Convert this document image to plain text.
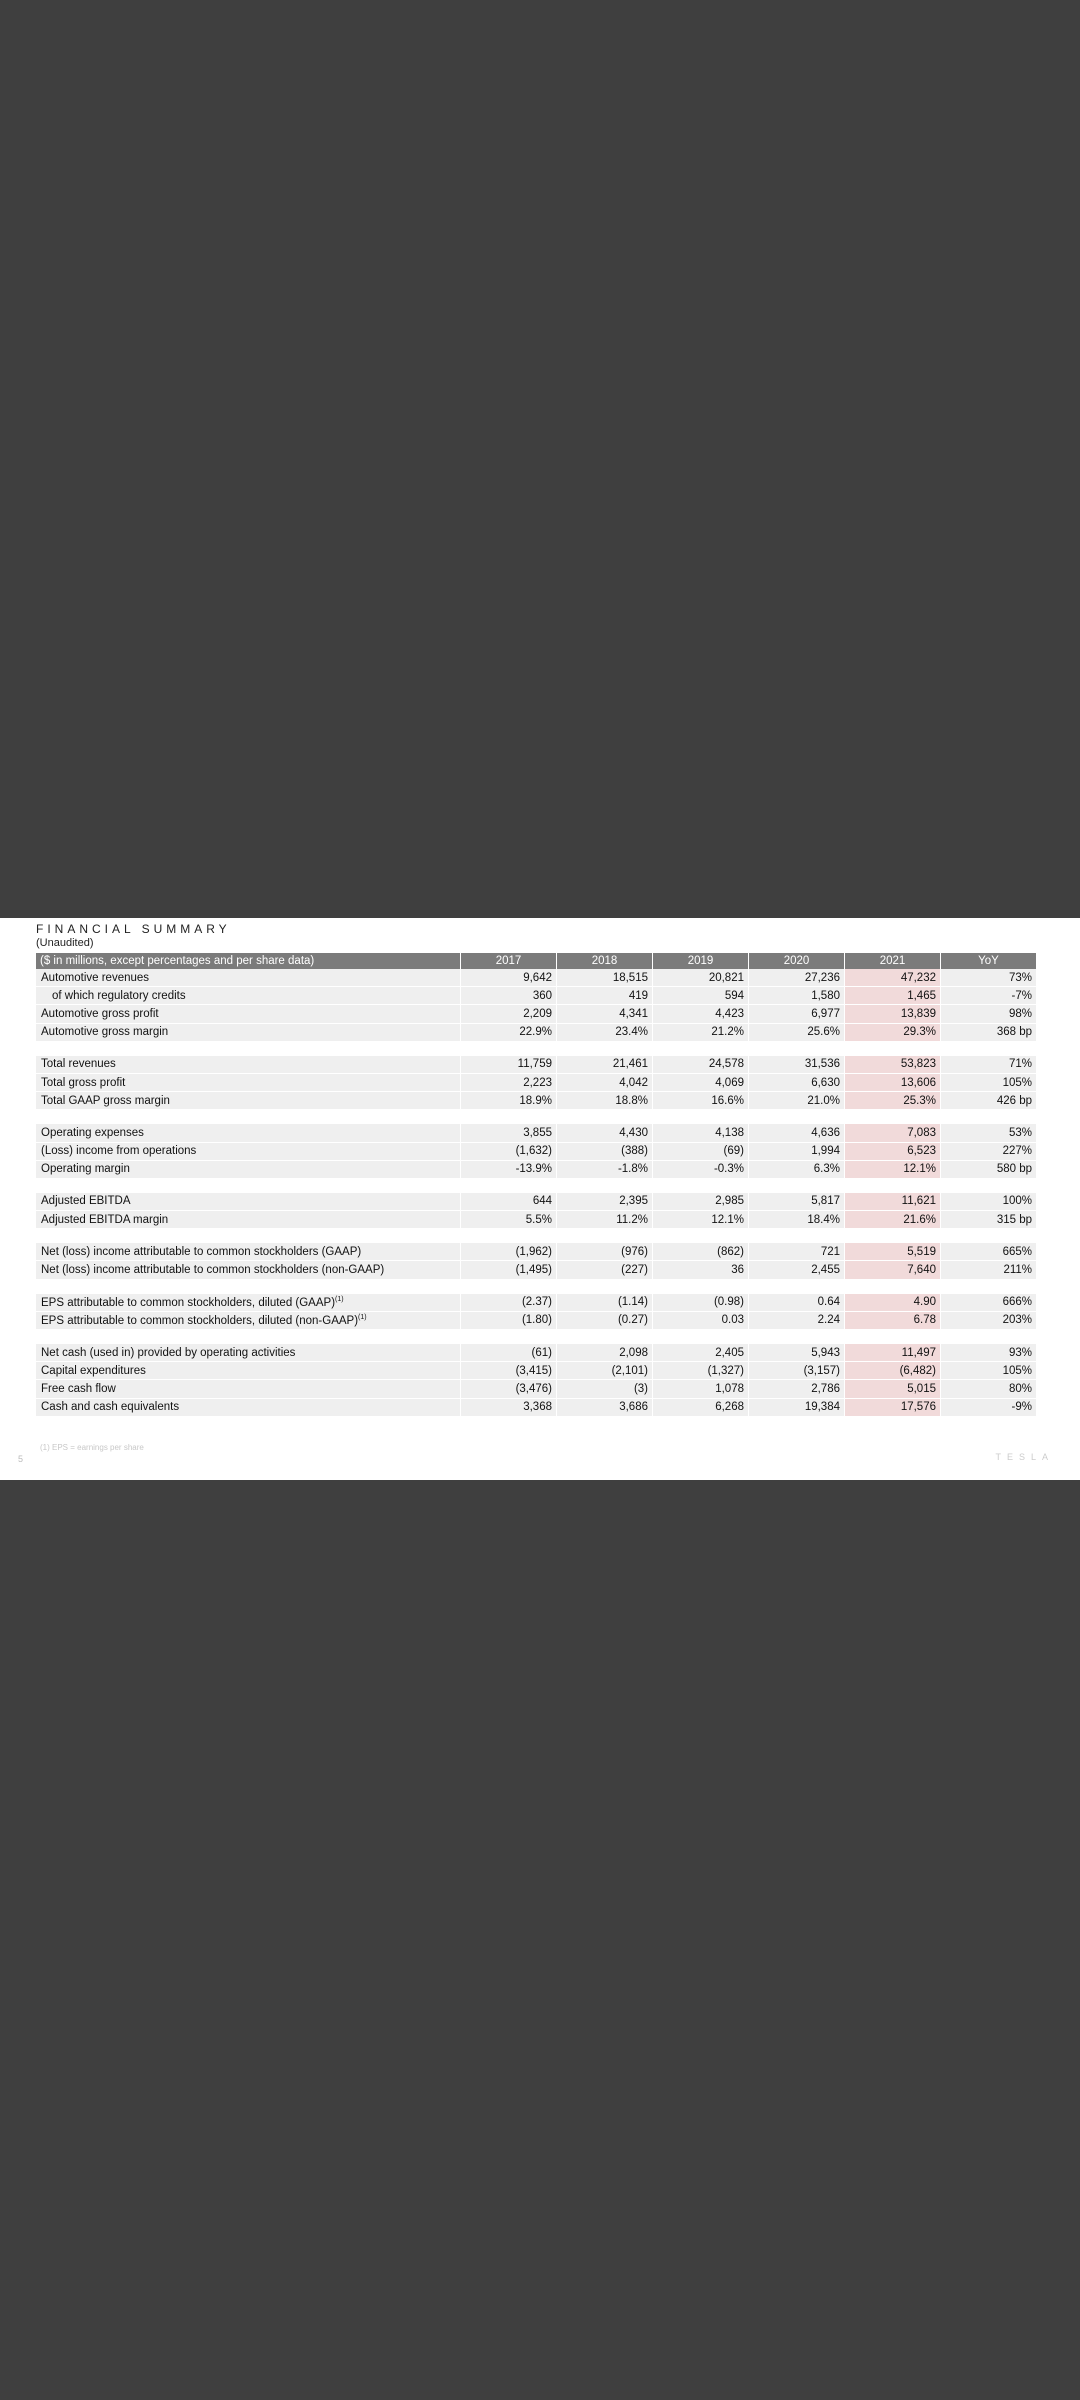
FINANCIAL SUMMARY
(Unaudited)
($ in millions, except percentages and per share data)	2017	2018	2019	2020	2021	YoY
Automotive revenues	9,642	18,515	20,821	27,236	47,232	73%
of which regulatory credits	360	419	594	1,580	1,465	-7%
Automotive gross profit	2,209	4,341	4,423	6,977	13,839	98%
Automotive gross margin	22.9%	23.4%	21.2%	25.6%	29.3%	368 bp

Total revenues	11,759	21,461	24,578	31,536	53,823	71%
Total gross profit	2,223	4,042	4,069	6,630	13,606	105%
Total GAAP gross margin	18.9%	18.8%	16.6%	21.0%	25.3%	426 bp

Operating expenses	3,855	4,430	4,138	4,636	7,083	53%
(Loss) income from operations	(1,632)	(388)	(69)	1,994	6,523	227%
Operating margin	-13.9%	-1.8%	-0.3%	6.3%	12.1%	580 bp

Adjusted EBITDA	644	2,395	2,985	5,817	11,621	100%
Adjusted EBITDA margin	5.5%	11.2%	12.1%	18.4%	21.6%	315 bp

Net (loss) income attributable to common stockholders (GAAP)	(1,962)	(976)	(862)	721	5,519	665%
Net (loss) income attributable to common stockholders (non-GAAP)	(1,495)	(227)	36	2,455	7,640	211%

EPS attributable to common stockholders, diluted (GAAP)$^{(1)}$	(2.37)	(1.14)	(0.98)	0.64	4.90	666%
EPS attributable to common stockholders, diluted (non-GAAP)$^{(1)}$	(1.80)	(0.27)	0.03	2.24	6.78	203%

Net cash (used in) provided by operating activities	(61)	2,098	2,405	5,943	11,497	93%
Capital expenditures	(3,415)	(2,101)	(1,327)	(3,157)	(6,482)	105%
Free cash flow	(3,476)	(3)	1,078	2,786	5,015	80%
Cash and cash equivalents	3,368	3,686	6,268	19,384	17,576	-9%
(1) EPS = earnings per share
5	TESLA
